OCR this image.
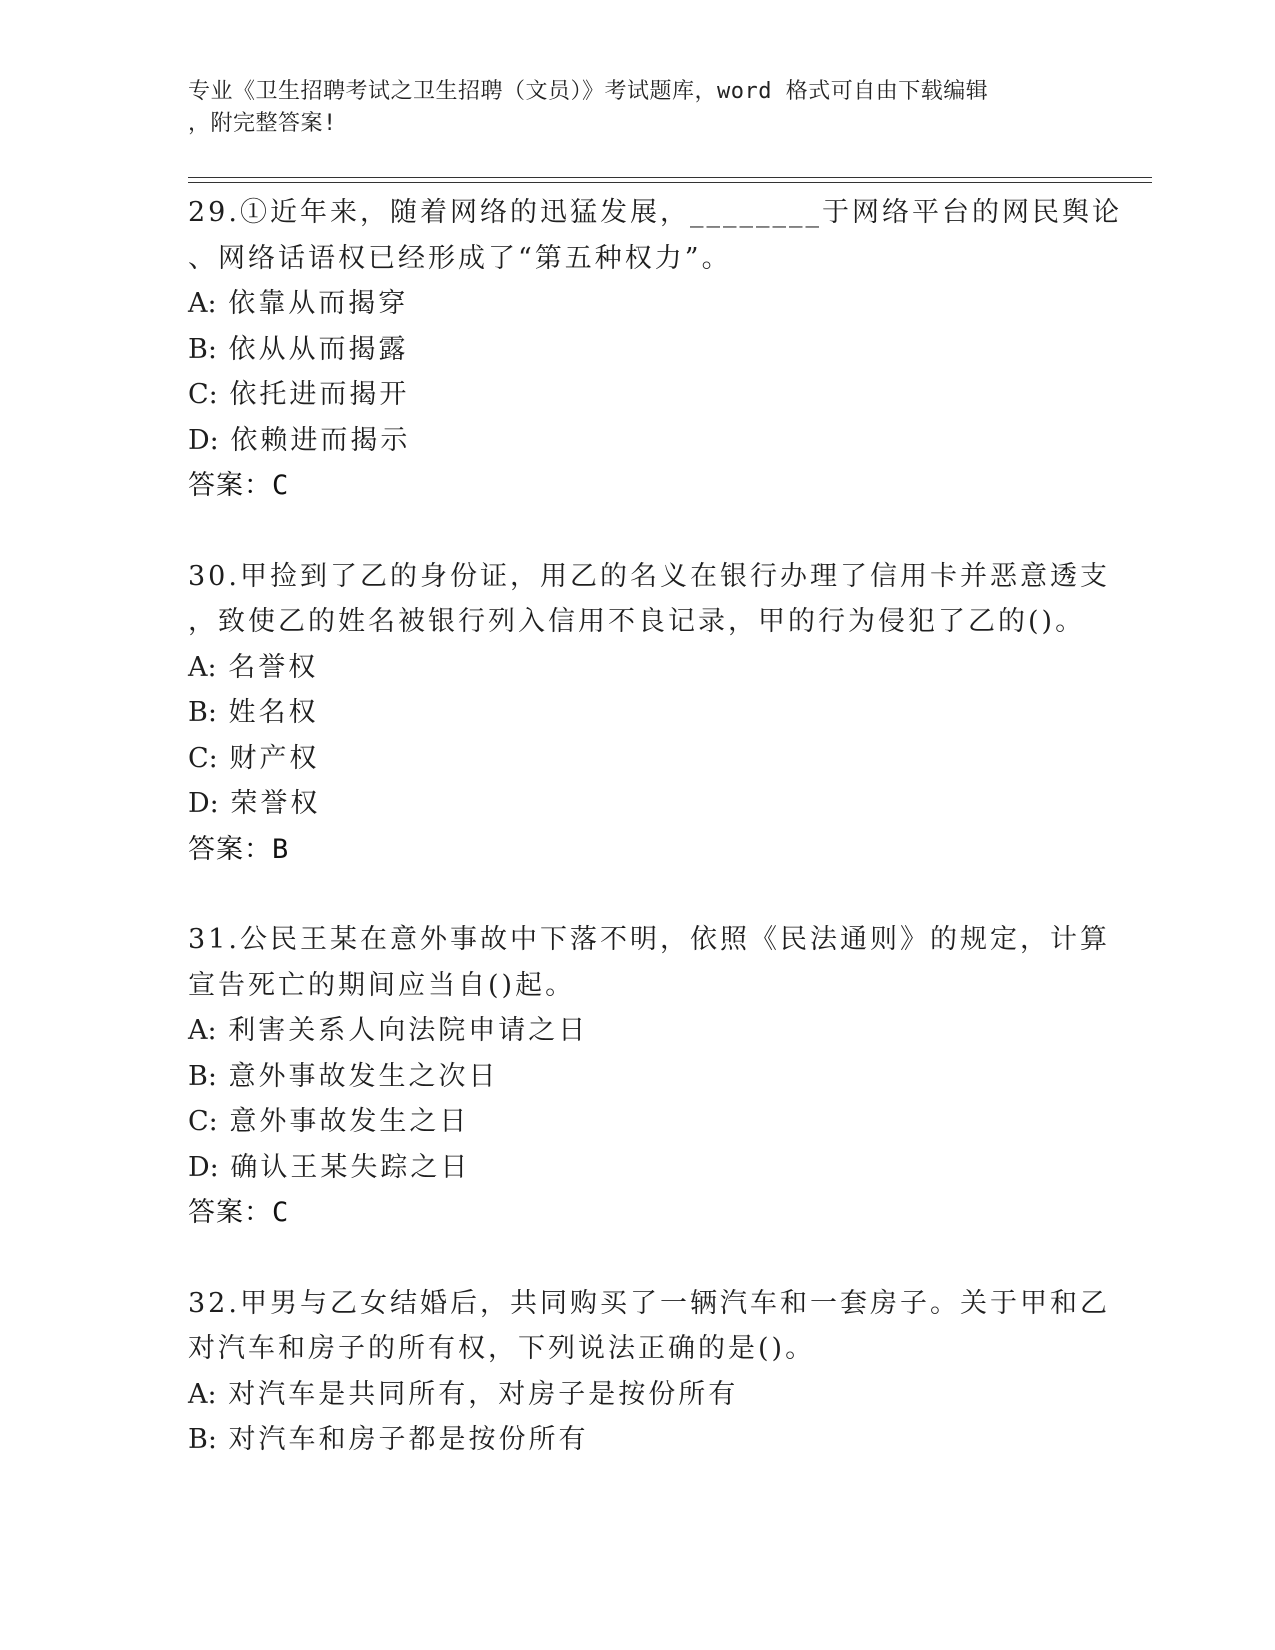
专业《卫生招聘考试之卫生招聘（文员）》考试题库，word 格式可自由下载编辑
，附完整答案!
29.①近年来，随着网络的迅猛发展，________于网络平台的网民舆论
、网络话语权已经形成了“第五种权力”。
A: 依靠从而揭穿
B: 依从从而揭露
C: 依托进而揭开
D: 依赖进而揭示
答案：C
30.甲捡到了乙的身份证，用乙的名义在银行办理了信用卡并恶意透支
，致使乙的姓名被银行列入信用不良记录，甲的行为侵犯了乙的()。
A: 名誉权
B: 姓名权
C: 财产权
D: 荣誉权
答案：B
31.公民王某在意外事故中下落不明，依照《民法通则》的规定，计算
宣告死亡的期间应当自()起。
A: 利害关系人向法院申请之日
B: 意外事故发生之次日
C: 意外事故发生之日
D: 确认王某失踪之日
答案：C
32.甲男与乙女结婚后，共同购买了一辆汽车和一套房子。关于甲和乙
对汽车和房子的所有权，下列说法正确的是()。
A: 对汽车是共同所有，对房子是按份所有
B: 对汽车和房子都是按份所有
